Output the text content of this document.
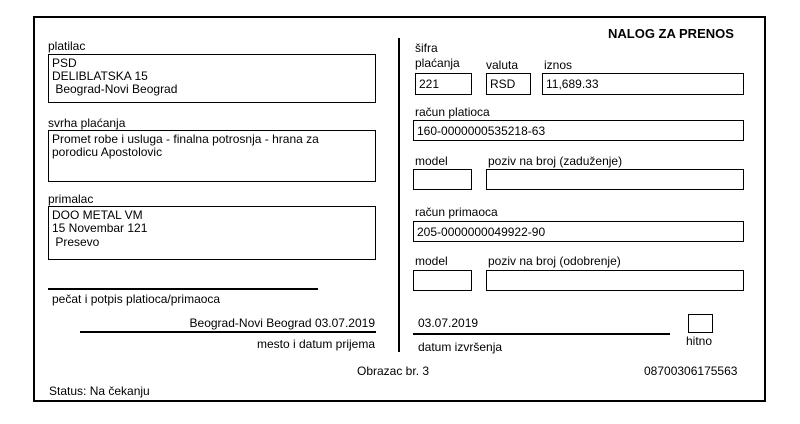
NALOG ZA PRENOS
platilac
PSD
DELIBLATSKA 15
Beograd-Novi Beograd
svrha plaćanja
Promet robe i usluga - finalna potrosnja - hrana za
porodicu Apostolovic
primalac
DOO METAL VM
15 Novembar 121
Presevo
pečat i potpis platioca/primaoca
Beograd-Novi Beograd 03.07.2019
mesto i datum prijema
šifra
plaćanja valuta iznos
221	RSD	11,689.33
račun platioca
160-0000000535218-63
model	poziv na broj (zaduženje)
račun primaoca
205-0000000049922-90
model	poziv na broj (odobrenje)
03.07.2019
datum izvršenja	hitno
Obrazac br. 3	08700306175563
Status: Na čekanju
